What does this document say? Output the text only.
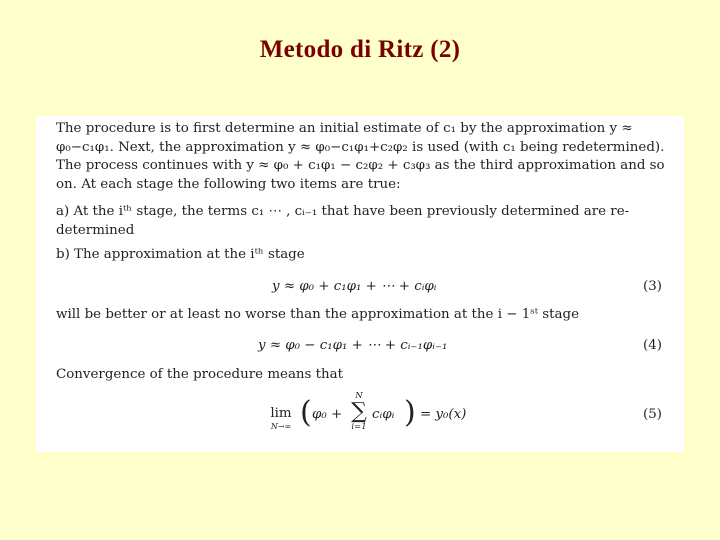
Metodo di Ritz (2)
The procedure is to first determine an initial estimate of c₁ by the approximation y ≈
φ₀−c₁φ₁. Next, the approximation y ≈ φ₀−c₁φ₁+c₂φ₂ is used (with c₁ being redetermined).
The process continues with y ≈ φ₀ + c₁φ₁ − c₂φ₂ + c₃φ₃ as the third approximation and so
on. At each stage the following two items are true:
a) At the iᵗʰ stage, the terms c₁ ⋯ , cᵢ₋₁ that have been previously determined are re-
determined
b) The approximation at the iᵗʰ stage
y ≈ φ₀ + c₁φ₁ + ⋯ + cᵢφᵢ	(3)
will be better or at least no worse than the approximation at the i − 1ˢᵗ stage
y ≈ φ₀ − c₁φ₁ + ⋯ + cᵢ₋₁φᵢ₋₁	(4)
Convergence of the procedure means that
lim
N→∞ ( φ₀ +
N
∑
i=1
cᵢφᵢ ) = y₀(x)	(5)
